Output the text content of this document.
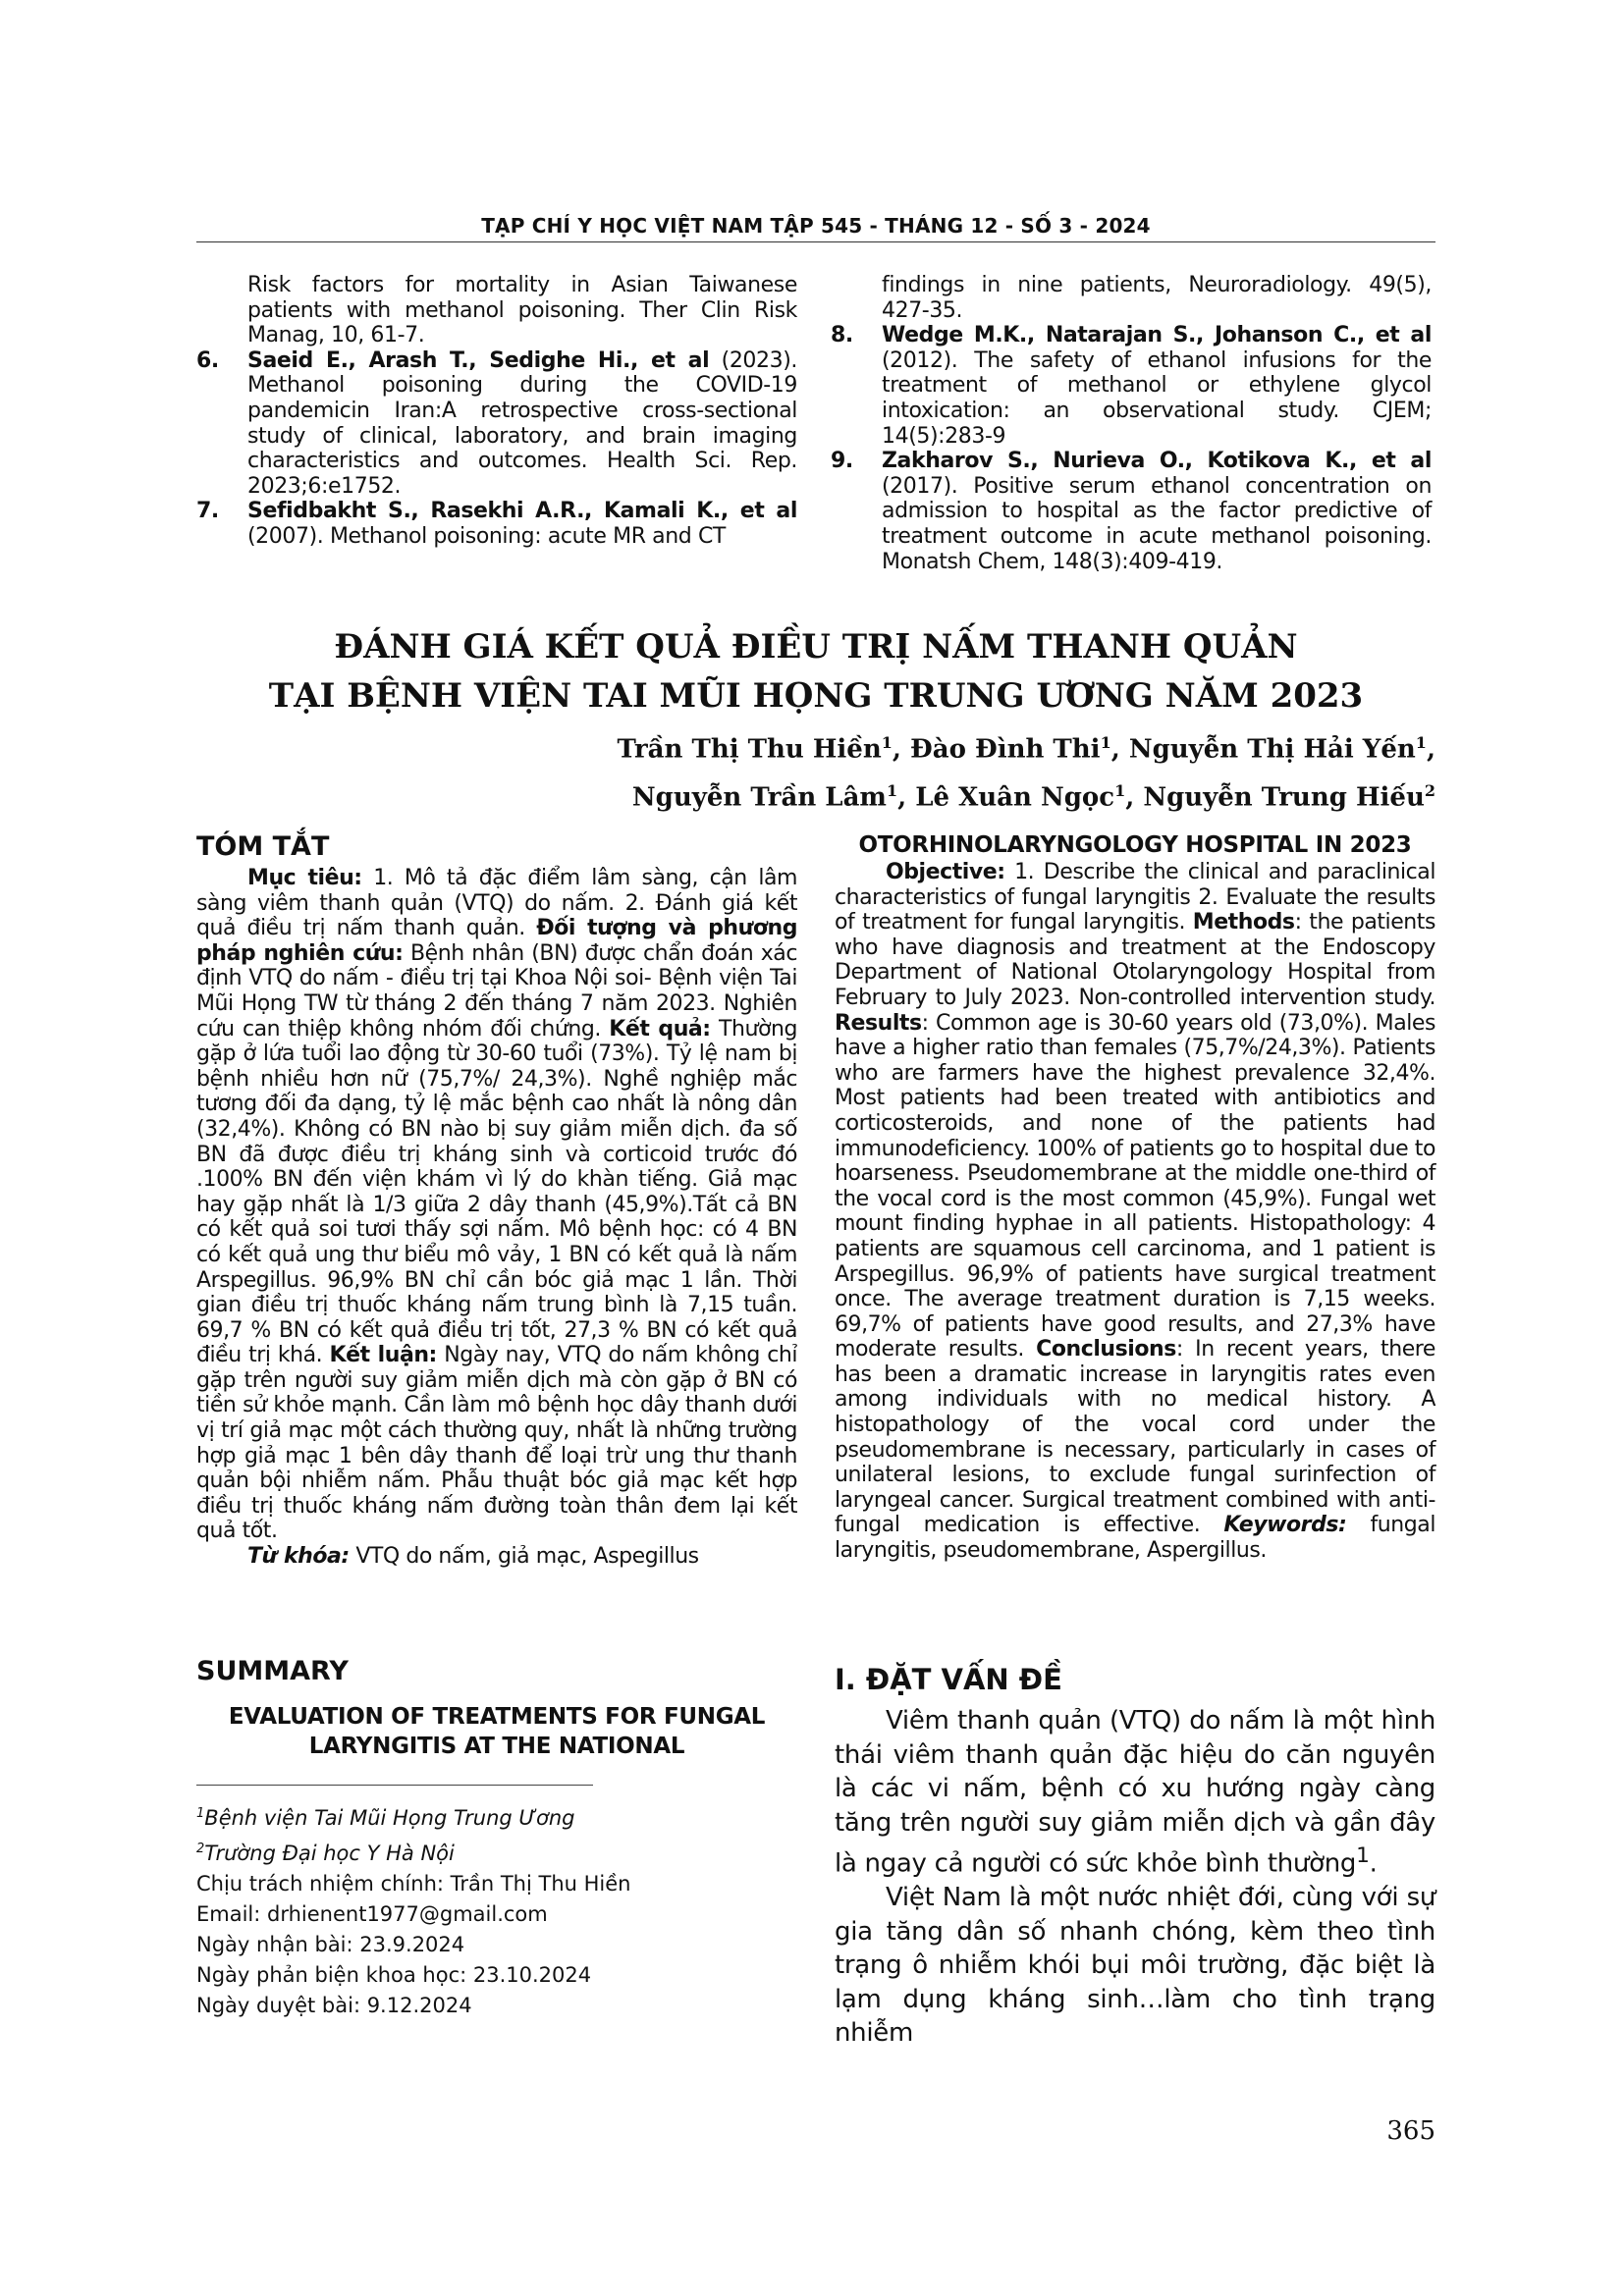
TẠP CHÍ Y HỌC VIỆT NAM TẬP 545 - THÁNG 12 - SỐ 3 - 2024
Risk factors for mortality in Asian Taiwanese patients with methanol poisoning. Ther Clin Risk Manag, 10, 61-7.
6. Saeid E., Arash T., Sedighe Hi., et al (2023). Methanol poisoning during the COVID-19 pandemicin Iran:A retrospective cross-sectional study of clinical, laboratory, and brain imaging characteristics and outcomes. Health Sci. Rep. 2023;6:e1752.
7. Sefidbakht S., Rasekhi A.R., Kamali K., et al (2007). Methanol poisoning: acute MR and CT
findings in nine patients, Neuroradiology. 49(5), 427-35.
8. Wedge M.K., Natarajan S., Johanson C., et al (2012). The safety of ethanol infusions for the treatment of methanol or ethylene glycol intoxication: an observational study. CJEM; 14(5):283-9
9. Zakharov S., Nurieva O., Kotikova K., et al (2017). Positive serum ethanol concentration on admission to hospital as the factor predictive of treatment outcome in acute methanol poisoning. Monatsh Chem, 148(3):409-419.
ĐÁNH GIÁ KẾT QUẢ ĐIỀU TRỊ NẤM THANH QUẢN
TẠI BỆNH VIỆN TAI MŨI HỌNG TRUNG ƯƠNG NĂM 2023
Trần Thị Thu Hiền$^1$, Đào Đình Thi$^1$, Nguyễn Thị Hải Yến$^1$,
Nguyễn Trần Lâm$^1$, Lê Xuân Ngọc$^1$, Nguyễn Trung Hiếu$^2$
TÓM TẮT

Mục tiêu: 1. Mô tả đặc điểm lâm sàng, cận lâm sàng viêm thanh quản (VTQ) do nấm. 2. Đánh giá kết quả điều trị nấm thanh quản. Đối tượng và phương pháp nghiên cứu: Bệnh nhân (BN) được chẩn đoán xác định VTQ do nấm - điều trị tại Khoa Nội soi- Bệnh viện Tai Mũi Họng TW từ tháng 2 đến tháng 7 năm 2023. Nghiên cứu can thiệp không nhóm đối chứng. Kết quả: Thường gặp ở lứa tuổi lao động từ 30-60 tuổi (73%). Tỷ lệ nam bị bệnh nhiều hơn nữ (75,7%/ 24,3%). Nghề nghiệp mắc tương đối đa dạng, tỷ lệ mắc bệnh cao nhất là nông dân (32,4%). Không có BN nào bị suy giảm miễn dịch. đa số BN đã được điều trị kháng sinh và corticoid trước đó .100% BN đến viện khám vì lý do khàn tiếng. Giả mạc hay gặp nhất là 1/3 giữa 2 dây thanh (45,9%).Tất cả BN có kết quả soi tươi thấy sợi nấm. Mô bệnh học: có 4 BN có kết quả ung thư biểu mô vảy, 1 BN có kết quả là nấm Arspegillus. 96,9% BN chỉ cần bóc giả mạc 1 lần. Thời gian điều trị thuốc kháng nấm trung bình là 7,15 tuần. 69,7 % BN có kết quả điều trị tốt, 27,3 % BN có kết quả điều trị khá. Kết luận: Ngày nay, VTQ do nấm không chỉ gặp trên người suy giảm miễn dịch mà còn gặp ở BN có tiền sử khỏe mạnh. Cần làm mô bệnh học dây thanh dưới vị trí giả mạc một cách thường quy, nhất là những trường hợp giả mạc 1 bên dây thanh để loại trừ ung thư thanh quản bội nhiễm nấm. Phẫu thuật bóc giả mạc kết hợp điều trị thuốc kháng nấm đường toàn thân đem lại kết quả tốt.

Từ khóa: VTQ do nấm, giả mạc, Aspegillus

SUMMARY
EVALUATION OF TREATMENTS FOR FUNGAL
LARYNGITIS AT THE NATIONAL
$^1$Bệnh viện Tai Mũi Họng Trung Ương
$^2$Trường Đại học Y Hà Nội
Chịu trách nhiệm chính: Trần Thị Thu Hiền
Email: drhienent1977@gmail.com
Ngày nhận bài: 23.9.2024
Ngày phản biện khoa học: 23.10.2024
Ngày duyệt bài: 9.12.2024
OTORHINOLARYNGOLOGY HOSPITAL IN 2023

Objective: 1. Describe the clinical and paraclinical characteristics of fungal laryngitis 2. Evaluate the results of treatment for fungal laryngitis. Methods: the patients who have diagnosis and treatment at the Endoscopy Department of National Otolaryngology Hospital from February to July 2023. Non-controlled intervention study. Results: Common age is 30-60 years old (73,0%). Males have a higher ratio than females (75,7%/24,3%). Patients who are farmers have the highest prevalence 32,4%. Most patients had been treated with antibiotics and corticosteroids, and none of the patients had immunodeficiency. 100% of patients go to hospital due to hoarseness. Pseudomembrane at the middle one-third of the vocal cord is the most common (45,9%). Fungal wet mount finding hyphae in all patients. Histopathology: 4 patients are squamous cell carcinoma, and 1 patient is Arspegillus. 96,9% of patients have surgical treatment once. The average treatment duration is 7,15 weeks. 69,7% of patients have good results, and 27,3% have moderate results. Conclusions: In recent years, there has been a dramatic increase in laryngitis rates even among individuals with no medical history. A histopathology of the vocal cord under the pseudomembrane is necessary, particularly in cases of unilateral lesions, to exclude fungal surinfection of laryngeal cancer. Surgical treatment combined with anti-fungal medication is effective. Keywords: fungal laryngitis, pseudomembrane, Aspergillus.

I. ĐẶT VẤN ĐỀ

Viêm thanh quản (VTQ) do nấm là một hình thái viêm thanh quản đặc hiệu do căn nguyên là các vi nấm, bệnh có xu hướng ngày càng tăng trên người suy giảm miễn dịch và gần đây là ngay cả người có sức khỏe bình thường$^1$.

Việt Nam là một nước nhiệt đới, cùng với sự gia tăng dân số nhanh chóng, kèm theo tình trạng ô nhiễm khói bụi môi trường, đặc biệt là lạm dụng kháng sinh…làm cho tình trạng nhiễm

365
